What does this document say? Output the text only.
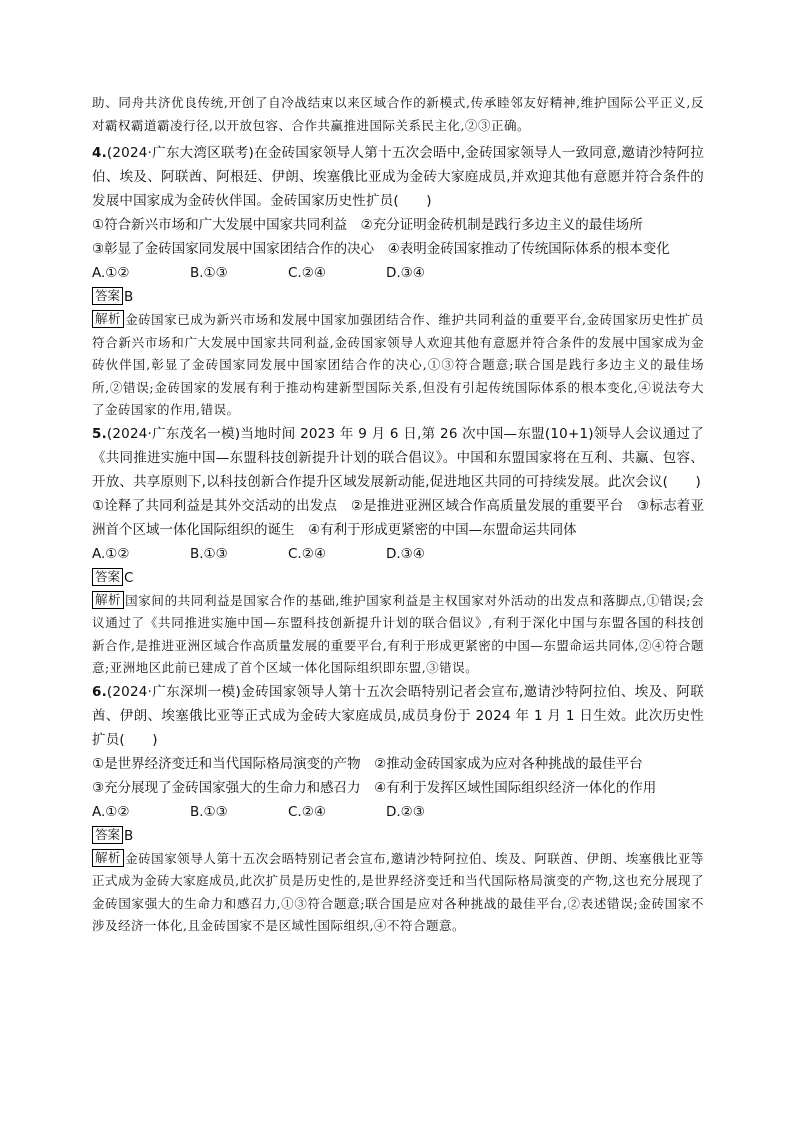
助、同舟共济优良传统,开创了自冷战结束以来区域合作的新模式,传承睦邻友好精神,维护国际公平正义,反对霸权霸道霸凌行径,以开放包容、合作共赢推进国际关系民主化,②③正确。

4.(2024·广东大湾区联考)在金砖国家领导人第十五次会晤中,金砖国家领导人一致同意,邀请沙特阿拉伯、埃及、阿联酋、阿根廷、伊朗、埃塞俄比亚成为金砖大家庭成员,并欢迎其他有意愿并符合条件的发展中国家成为金砖伙伴国。金砖国家历史性扩员(　　)

①符合新兴市场和广大发展中国家共同利益　②充分证明金砖机制是践行多边主义的最佳场所

③彰显了金砖国家同发展中国家团结合作的决心　④表明金砖国家推动了传统国际体系的根本变化

A.①②	B.①③	C.②④	D.③④

答案 B

解析 金砖国家已成为新兴市场和发展中国家加强团结合作、维护共同利益的重要平台,金砖国家历史性扩员符合新兴市场和广大发展中国家共同利益,金砖国家领导人欢迎其他有意愿并符合条件的发展中国家成为金砖伙伴国,彰显了金砖国家同发展中国家团结合作的决心,①③符合题意;联合国是践行多边主义的最佳场所,②错误;金砖国家的发展有利于推动构建新型国际关系,但没有引起传统国际体系的根本变化,④说法夸大了金砖国家的作用,错误。

5.(2024·广东茂名一模)当地时间 2023 年 9 月 6 日,第 26 次中国—东盟(10+1)领导人会议通过了《共同推进实施中国—东盟科技创新提升计划的联合倡议》。中国和东盟国家将在互利、共赢、包容、开放、共享原则下,以科技创新合作提升区域发展新动能,促进地区共同的可持续发展。此次会议(　　)

①诠释了共同利益是其外交活动的出发点　②是推进亚洲区域合作高质量发展的重要平台　③标志着亚洲首个区域一体化国际组织的诞生　④有利于形成更紧密的中国—东盟命运共同体

A.①②	B.①③	C.②④	D.③④

答案 C

解析 国家间的共同利益是国家合作的基础,维护国家利益是主权国家对外活动的出发点和落脚点,①错误;会议通过了《共同推进实施中国—东盟科技创新提升计划的联合倡议》,有利于深化中国与东盟各国的科技创新合作,是推进亚洲区域合作高质量发展的重要平台,有利于形成更紧密的中国—东盟命运共同体,②④符合题意;亚洲地区此前已建成了首个区域一体化国际组织即东盟,③错误。

6.(2024·广东深圳一模)金砖国家领导人第十五次会晤特别记者会宣布,邀请沙特阿拉伯、埃及、阿联酋、伊朗、埃塞俄比亚等正式成为金砖大家庭成员,成员身份于 2024 年 1 月 1 日生效。此次历史性扩员(　　)

①是世界经济变迁和当代国际格局演变的产物　②推动金砖国家成为应对各种挑战的最佳平台

③充分展现了金砖国家强大的生命力和感召力　④有利于发挥区域性国际组织经济一体化的作用

A.①②	B.①③	C.②④	D.②③

答案 B

解析 金砖国家领导人第十五次会晤特别记者会宣布,邀请沙特阿拉伯、埃及、阿联酋、伊朗、埃塞俄比亚等正式成为金砖大家庭成员,此次扩员是历史性的,是世界经济变迁和当代国际格局演变的产物,这也充分展现了金砖国家强大的生命力和感召力,①③符合题意;联合国是应对各种挑战的最佳平台,②表述错误;金砖国家不涉及经济一体化,且金砖国家不是区域性国际组织,④不符合题意。
